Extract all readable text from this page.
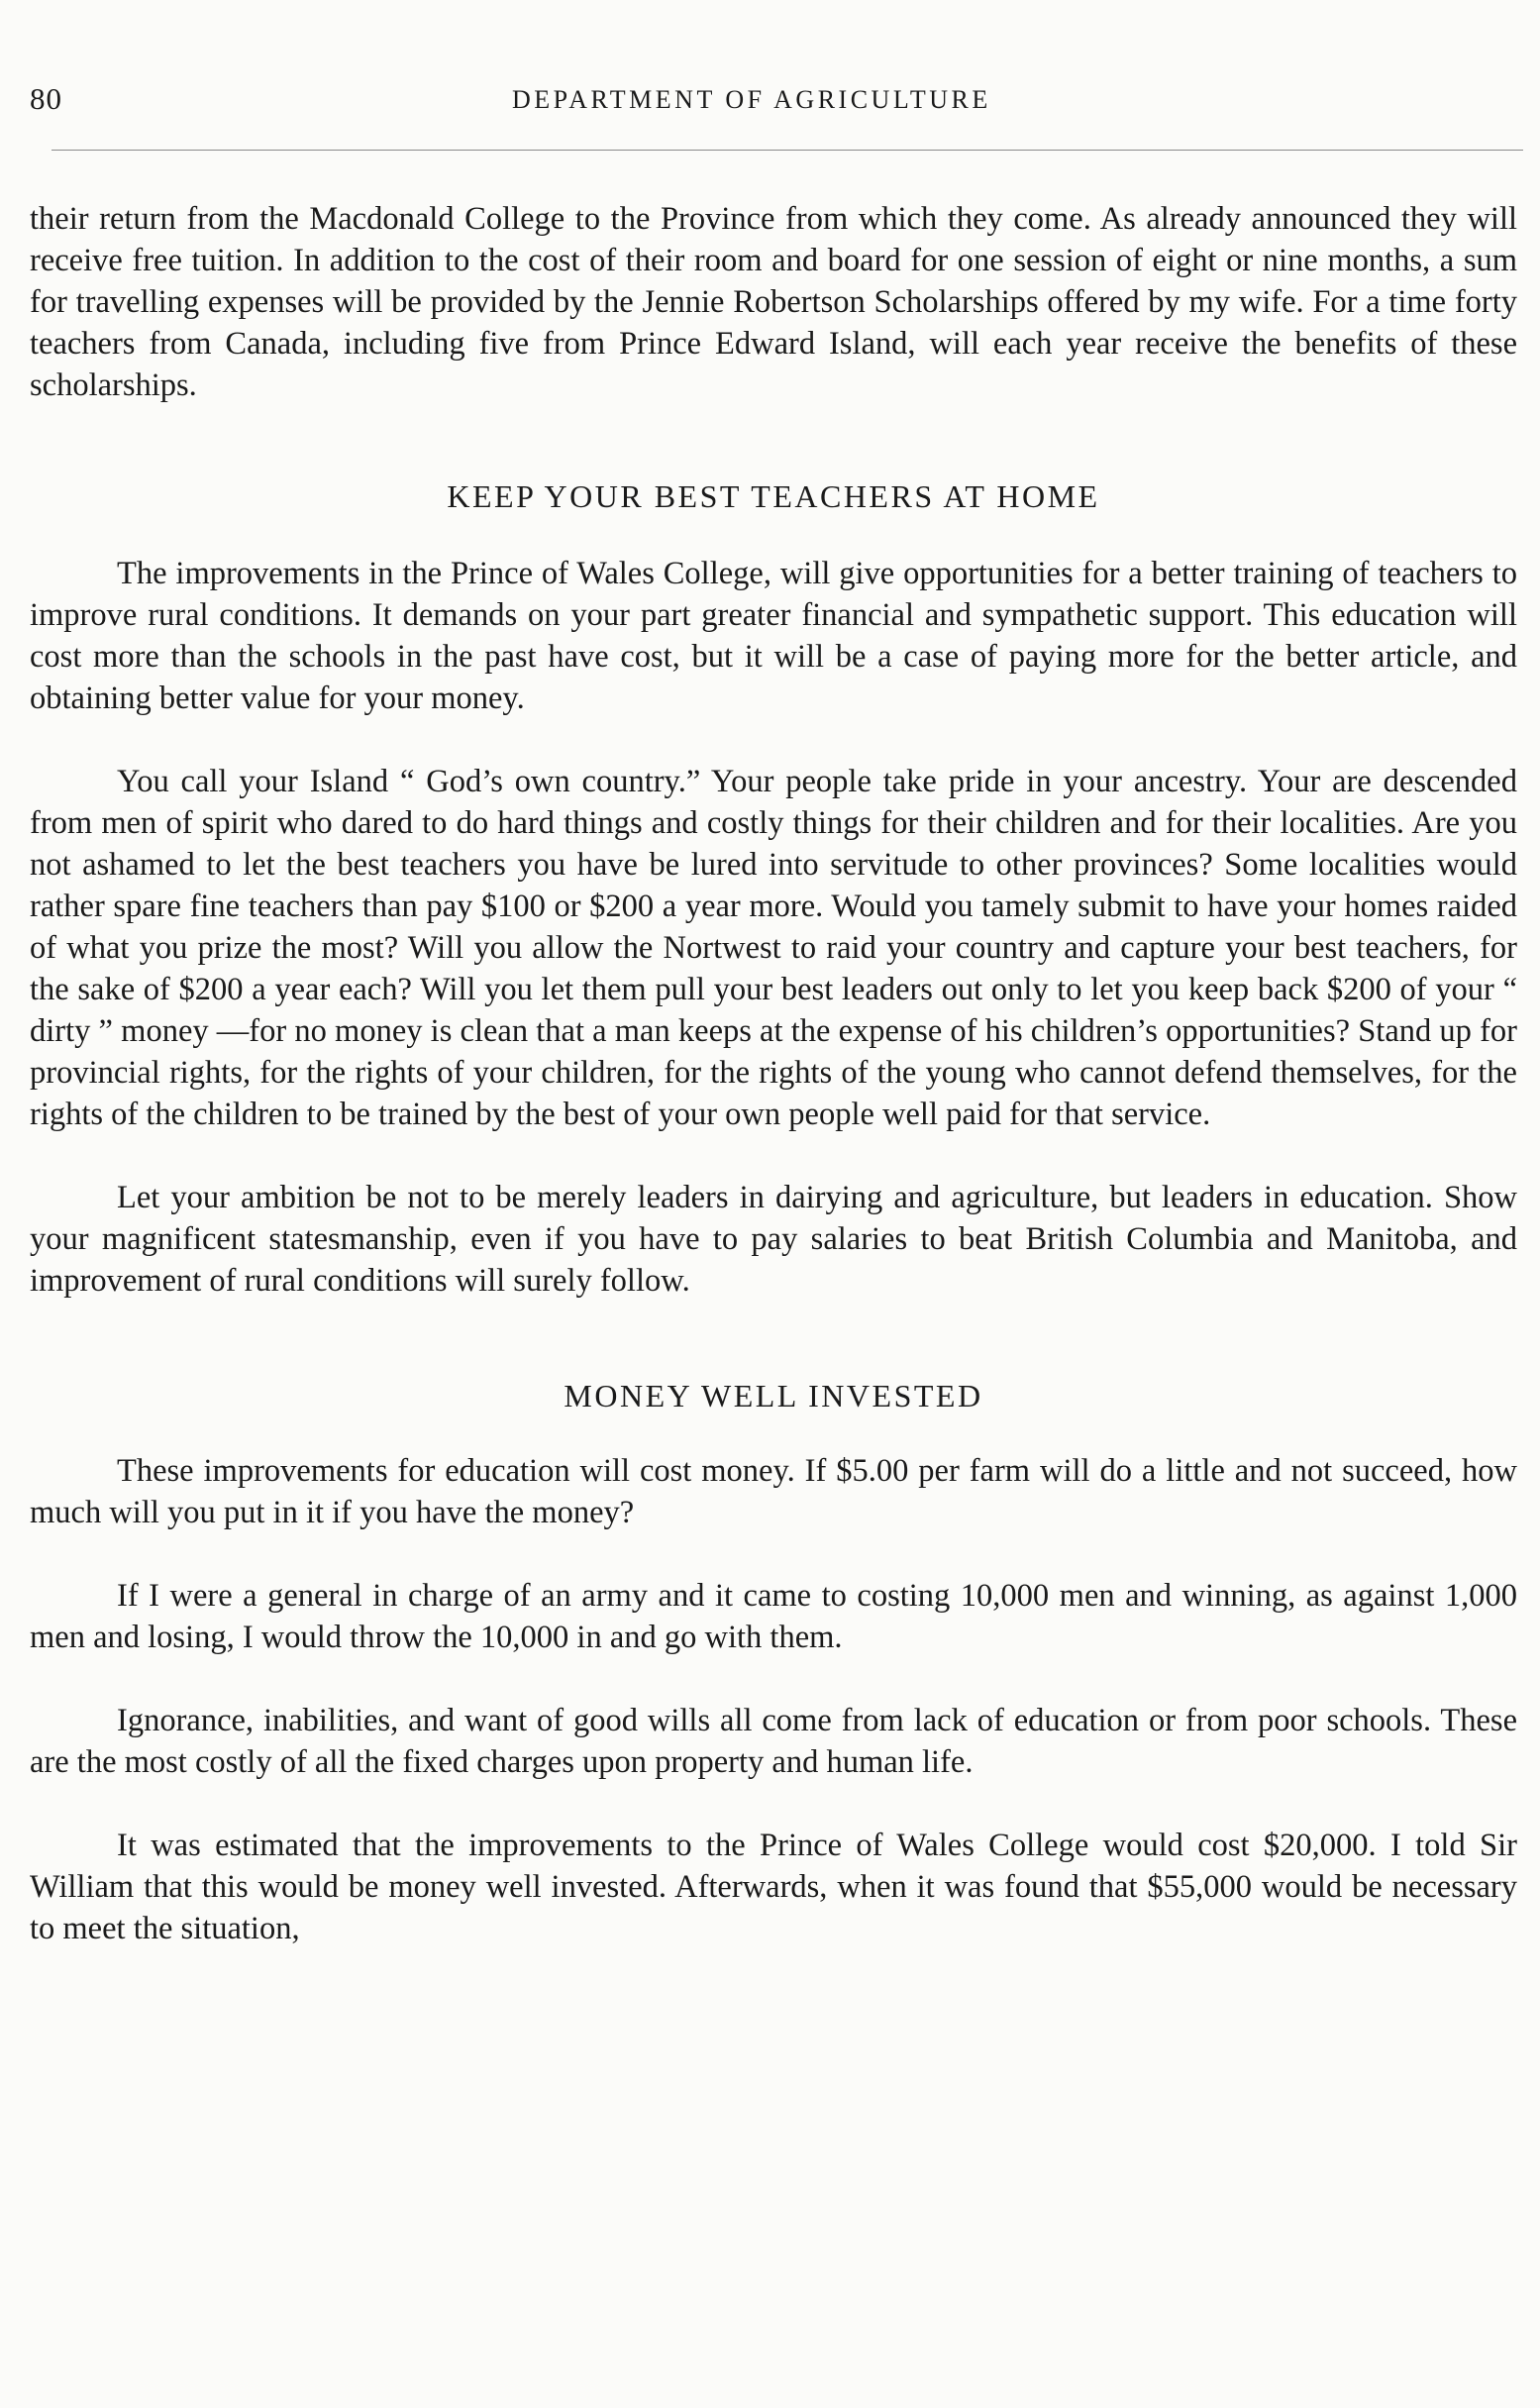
80	DEPARTMENT OF AGRICULTURE

their return from the Macdonald College to the Province from which they come. As already announced they will receive free tuition. In addition to the cost of their room and board for one session of eight or nine months, a sum for travelling expenses will be provided by the Jennie Robertson Scholarships offered by my wife. For a time forty teachers from Canada, including five from Prince Edward Island, will each year receive the benefits of these scholarships.

KEEP YOUR BEST TEACHERS AT HOME

The improvements in the Prince of Wales College, will give opportunities for a better training of teachers to improve rural conditions. It demands on your part greater financial and sympathetic support. This education will cost more than the schools in the past have cost, but it will be a case of paying more for the better article, and obtaining better value for your money.

You call your Island “ God’s own country.” Your people take pride in your ancestry. Your are descended from men of spirit who dared to do hard things and costly things for their children and for their localities. Are you not ashamed to let the best teachers you have be lured into servitude to other provinces? Some localities would rather spare fine teachers than pay $100 or $200 a year more. Would you tamely submit to have your homes raided of what you prize the most? Will you allow the Nortwest to raid your country and capture your best teachers, for the sake of $200 a year each? Will you let them pull your best leaders out only to let you keep back $200 of your “ dirty ” money —for no money is clean that a man keeps at the expense of his children’s opportunities? Stand up for provincial rights, for the rights of your children, for the rights of the young who cannot defend themselves, for the rights of the children to be trained by the best of your own people well paid for that service.

Let your ambition be not to be merely leaders in dairying and agriculture, but leaders in education. Show your magnificent statesmanship, even if you have to pay salaries to beat British Columbia and Manitoba, and improvement of rural conditions will surely follow.

MONEY WELL INVESTED

These improvements for education will cost money. If $5.00 per farm will do a little and not succeed, how much will you put in it if you have the money?

If I were a general in charge of an army and it came to costing 10,000 men and winning, as against 1,000 men and losing, I would throw the 10,000 in and go with them.

Ignorance, inabilities, and want of good wills all come from lack of education or from poor schools. These are the most costly of all the fixed charges upon property and human life.

It was estimated that the improvements to the Prince of Wales College would cost $20,000. I told Sir William that this would be money well invested. Afterwards, when it was found that $55,000 would be necessary to meet the situation,
